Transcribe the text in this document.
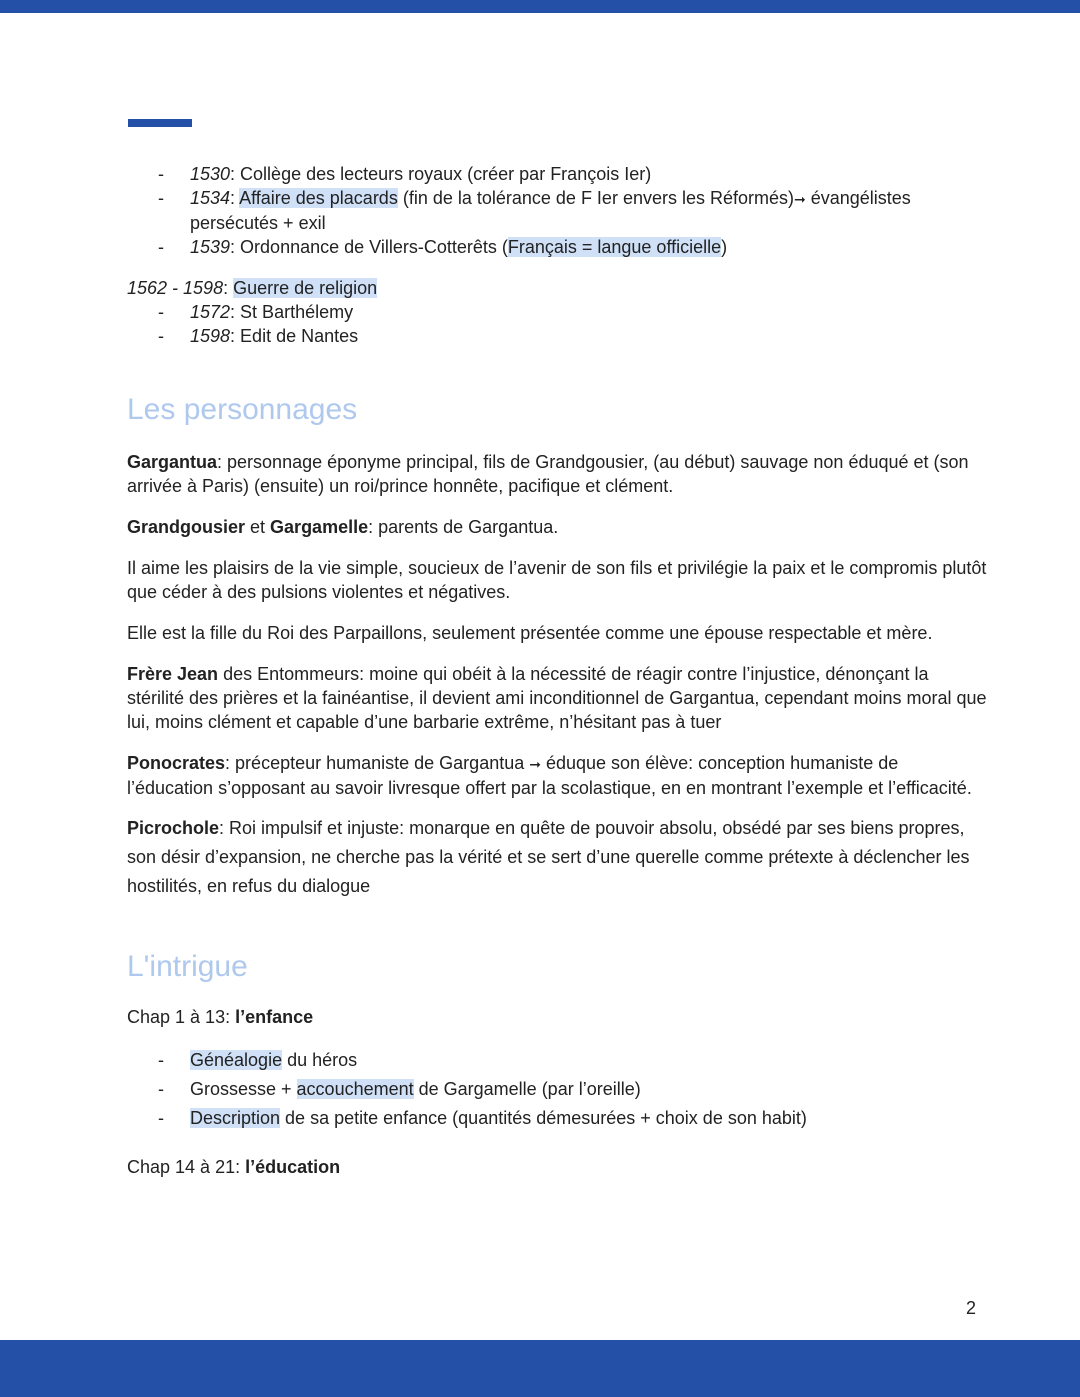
- 1530: Collège des lecteurs royaux (créer par François Ier)
- 1534: Affaire des placards (fin de la tolérance de F Ier envers les Réformés)➞ évangélistes persécutés + exil
- 1539: Ordonnance de Villers-Cotterêts (Français = langue officielle)

1562 - 1598: Guerre de religion

- 1572: St Barthélemy
- 1598: Edit de Nantes
Les personnages

Gargantua: personnage éponyme principal, fils de Grandgousier, (au début) sauvage non éduqué et (son arrivée à Paris) (ensuite) un roi/prince honnête, pacifique et clément.

Grandgousier et Gargamelle: parents de Gargantua.

Il aime les plaisirs de la vie simple, soucieux de l’avenir de son fils et privilégie la paix et le compromis plutôt que céder à des pulsions violentes et négatives.

Elle est la fille du Roi des Parpaillons, seulement présentée comme une épouse respectable et mère.

Frère Jean des Entommeurs: moine qui obéit à la nécessité de réagir contre l’injustice, dénonçant la stérilité des prières et la fainéantise, il devient ami inconditionnel de Gargantua, cependant moins moral que lui, moins clément et capable d’une barbarie extrême, n’hésitant pas à tuer

Ponocrates: précepteur humaniste de Gargantua ➞ éduque son élève: conception humaniste de l’éducation s’opposant au savoir livresque offert par la scolastique, en en montrant l’exemple et l’efficacité.

Picrochole: Roi impulsif et injuste: monarque en quête de pouvoir absolu, obsédé par ses biens propres, son désir d’expansion, ne cherche pas la vérité et se sert d’une querelle comme prétexte à déclencher les hostilités, en refus du dialogue

L'intrigue

Chap 1 à 13: l’enfance

- Généalogie du héros
- Grossesse + accouchement de Gargamelle (par l’oreille)
- Description de sa petite enfance (quantités démesurées + choix de son habit)

Chap 14 à 21: l’éducation

2
